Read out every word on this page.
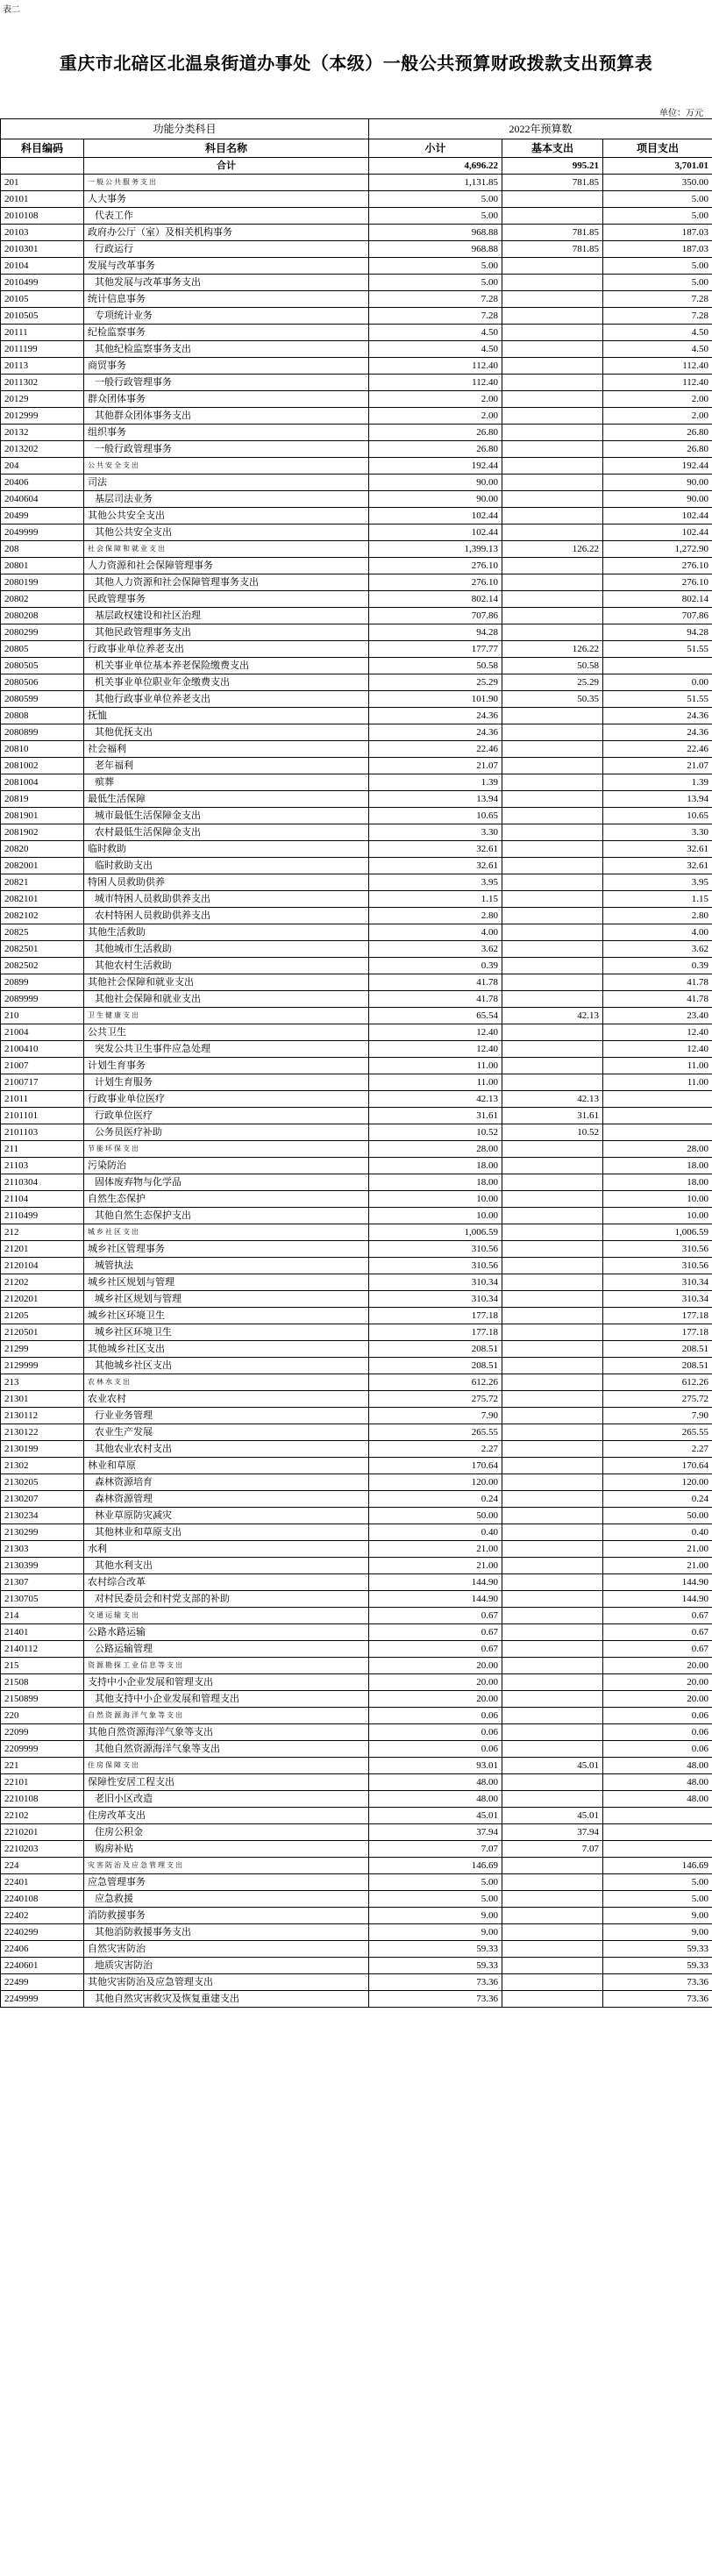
表二
重庆市北碚区北温泉街道办事处（本级）一般公共预算财政拨款支出预算表
单位：万元
功能分类科目		2022年预算数		
科目编码	科目名称	小计	基本支出	项目支出
	合计	4,696.22	995.21	3,701.01
201	一般公共服务支出	1,131.85	781.85	350.00
20101	人大事务	5.00		5.00
2010108	代表工作	5.00		5.00
20103	政府办公厅（室）及相关机构事务	968.88	781.85	187.03
2010301	行政运行	968.88	781.85	187.03
20104	发展与改革事务	5.00		5.00
2010499	其他发展与改革事务支出	5.00		5.00
20105	统计信息事务	7.28		7.28
2010505	专项统计业务	7.28		7.28
20111	纪检监察事务	4.50		4.50
2011199	其他纪检监察事务支出	4.50		4.50
20113	商贸事务	112.40		112.40
2011302	一般行政管理事务	112.40		112.40
20129	群众团体事务	2.00		2.00
2012999	其他群众团体事务支出	2.00		2.00
20132	组织事务	26.80		26.80
2013202	一般行政管理事务	26.80		26.80
204	公共安全支出	192.44		192.44
20406	司法	90.00		90.00
2040604	基层司法业务	90.00		90.00
20499	其他公共安全支出	102.44		102.44
2049999	其他公共安全支出	102.44		102.44
208	社会保障和就业支出	1,399.13	126.22	1,272.90
20801	人力资源和社会保障管理事务	276.10		276.10
2080199	其他人力资源和社会保障管理事务支出	276.10		276.10
20802	民政管理事务	802.14		802.14
2080208	基层政权建设和社区治理	707.86		707.86
2080299	其他民政管理事务支出	94.28		94.28
20805	行政事业单位养老支出	177.77	126.22	51.55
2080505	机关事业单位基本养老保险缴费支出	50.58	50.58	
2080506	机关事业单位职业年金缴费支出	25.29	25.29	0.00
2080599	其他行政事业单位养老支出	101.90	50.35	51.55
20808	抚恤	24.36		24.36
2080899	其他优抚支出	24.36		24.36
20810	社会福利	22.46		22.46
2081002	老年福利	21.07		21.07
2081004	殡葬	1.39		1.39
20819	最低生活保障	13.94		13.94
2081901	城市最低生活保障金支出	10.65		10.65
2081902	农村最低生活保障金支出	3.30		3.30
20820	临时救助	32.61		32.61
2082001	临时救助支出	32.61		32.61
20821	特困人员救助供养	3.95		3.95
2082101	城市特困人员救助供养支出	1.15		1.15
2082102	农村特困人员救助供养支出	2.80		2.80
20825	其他生活救助	4.00		4.00
2082501	其他城市生活救助	3.62		3.62
2082502	其他农村生活救助	0.39		0.39
20899	其他社会保障和就业支出	41.78		41.78
2089999	其他社会保障和就业支出	41.78		41.78
210	卫生健康支出	65.54	42.13	23.40
21004	公共卫生	12.40		12.40
2100410	突发公共卫生事件应急处理	12.40		12.40
21007	计划生育事务	11.00		11.00
2100717	计划生育服务	11.00		11.00
21011	行政事业单位医疗	42.13	42.13	
2101101	行政单位医疗	31.61	31.61	
2101103	公务员医疗补助	10.52	10.52	
211	节能环保支出	28.00		28.00
21103	污染防治	18.00		18.00
2110304	固体废弃物与化学品	18.00		18.00
21104	自然生态保护	10.00		10.00
2110499	其他自然生态保护支出	10.00		10.00
212	城乡社区支出	1,006.59		1,006.59
21201	城乡社区管理事务	310.56		310.56
2120104	城管执法	310.56		310.56
21202	城乡社区规划与管理	310.34		310.34
2120201	城乡社区规划与管理	310.34		310.34
21205	城乡社区环境卫生	177.18		177.18
2120501	城乡社区环境卫生	177.18		177.18
21299	其他城乡社区支出	208.51		208.51
2129999	其他城乡社区支出	208.51		208.51
213	农林水支出	612.26		612.26
21301	农业农村	275.72		275.72
2130112	行业业务管理	7.90		7.90
2130122	农业生产发展	265.55		265.55
2130199	其他农业农村支出	2.27		2.27
21302	林业和草原	170.64		170.64
2130205	森林资源培育	120.00		120.00
2130207	森林资源管理	0.24		0.24
2130234	林业草原防灾减灾	50.00		50.00
2130299	其他林业和草原支出	0.40		0.40
21303	水利	21.00		21.00
2130399	其他水利支出	21.00		21.00
21307	农村综合改革	144.90		144.90
2130705	对村民委员会和村党支部的补助	144.90		144.90
214	交通运输支出	0.67		0.67
21401	公路水路运输	0.67		0.67
2140112	公路运输管理	0.67		0.67
215	资源勘探工业信息等支出	20.00		20.00
21508	支持中小企业发展和管理支出	20.00		20.00
2150899	其他支持中小企业发展和管理支出	20.00		20.00
220	自然资源海洋气象等支出	0.06		0.06
22099	其他自然资源海洋气象等支出	0.06		0.06
2209999	其他自然资源海洋气象等支出	0.06		0.06
221	住房保障支出	93.01	45.01	48.00
22101	保障性安居工程支出	48.00		48.00
2210108	老旧小区改造	48.00		48.00
22102	住房改革支出	45.01	45.01	
2210201	住房公积金	37.94	37.94	
2210203	购房补贴	7.07	7.07	
224	灾害防治及应急管理支出	146.69		146.69
22401	应急管理事务	5.00		5.00
2240108	应急救援	5.00		5.00
22402	消防救援事务	9.00		9.00
2240299	其他消防救援事务支出	9.00		9.00
22406	自然灾害防治	59.33		59.33
2240601	地质灾害防治	59.33		59.33
22499	其他灾害防治及应急管理支出	73.36		73.36
2249999	其他自然灾害救灾及恢复重建支出	73.36		73.36
